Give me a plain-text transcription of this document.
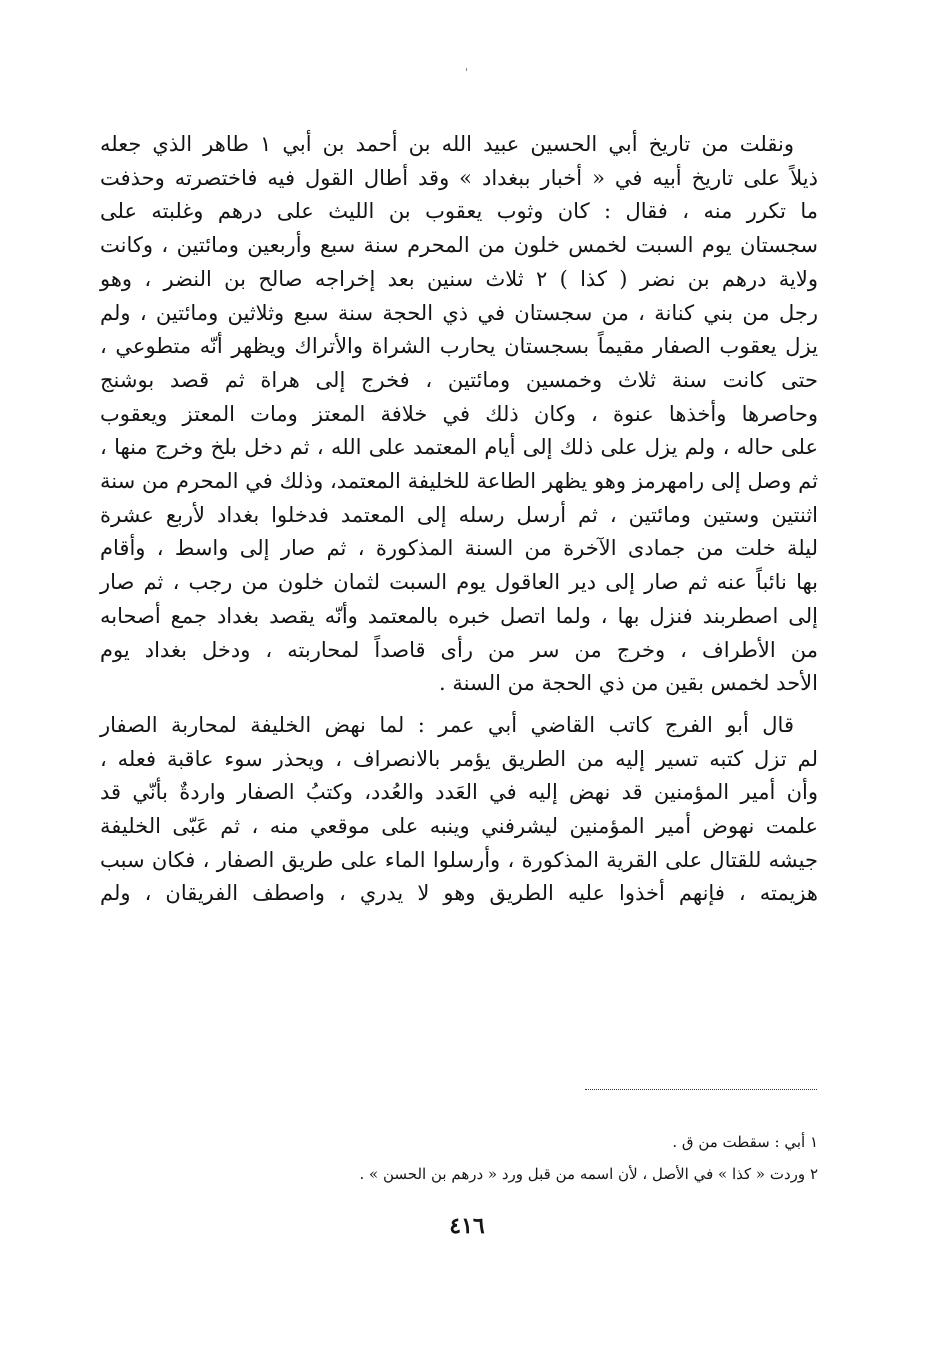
ونقلت من تاريخ أبي الحسين عبيد الله بن أحمد بن أبي ١ طاهر الذي جعله
ذيلاً على تاريخ أبيه في « أخبار ببغداد » وقد أطال القول فيه فاختصرته وحذفت
ما تكرر منه ، فقال : كان وثوب يعقوب بن الليث على درهم وغلبته على
سجستان يوم السبت لخمس خلون من المحرم سنة سبع وأربعين ومائتين ، وكانت
ولاية درهم بن نضر ( كذا ) ٢ ثلاث سنين بعد إخراجه صالح بن النضر ، وهو
رجل من بني كنانة ، من سجستان في ذي الحجة سنة سبع وثلاثين ومائتين ، ولم
يزل يعقوب الصفار مقيماً بسجستان يحارب الشراة والأتراك ويظهر أنّه متطوعي ،
حتى كانت سنة ثلاث وخمسين ومائتين ، فخرج إلى هراة ثم قصد بوشنج
وحاصرها وأخذها عنوة ، وكان ذلك في خلافة المعتز ومات المعتز ويعقوب
على حاله ، ولم يزل على ذلك إلى أيام المعتمد على الله ، ثم دخل بلخ وخرج منها ،
ثم وصل إلى رامهرمز وهو يظهر الطاعة للخليفة المعتمد، وذلك في المحرم من سنة
اثنتين وستين ومائتين ، ثم أرسل رسله إلى المعتمد فدخلوا بغداد لأربع عشرة
ليلة خلت من جمادى الآخرة من السنة المذكورة ، ثم صار إلى واسط ، وأقام
بها نائباً عنه ثم صار إلى دير العاقول يوم السبت لثمان خلون من رجب ، ثم صار
إلى اصطربند فنزل بها ، ولما اتصل خبره بالمعتمد وأنّه يقصد بغداد جمع أصحابه
من الأطراف ، وخرج من سر من رأى قاصداً لمحاربته ، ودخل بغداد يوم
الأحد لخمس بقين من ذي الحجة من السنة .
قال أبو الفرج كاتب القاضي أبي عمر : لما نهض الخليفة لمحاربة الصفار
لم تزل كتبه تسير إليه من الطريق يؤمر بالانصراف ، ويحذر سوء عاقبة فعله ،
وأن أمير المؤمنين قد نهض إليه في العَدد والعُدد، وكتبُ الصفار واردةٌ بأنّي قد
علمت نهوض أمير المؤمنين ليشرفني وينبه على موقعي منه ، ثم عَبّى الخليفة
جيشه للقتال على القرية المذكورة ، وأرسلوا الماء على طريق الصفار ، فكان سبب
هزيمته ، فإنهم أخذوا عليه الطريق وهو لا يدري ، واصطف الفريقان ، ولم
١ أبي : سقطت من ق .
٢ وردت « كذا » في الأصل ، لأن اسمه من قبل ورد « درهم بن الحسن » .
٤١٦
